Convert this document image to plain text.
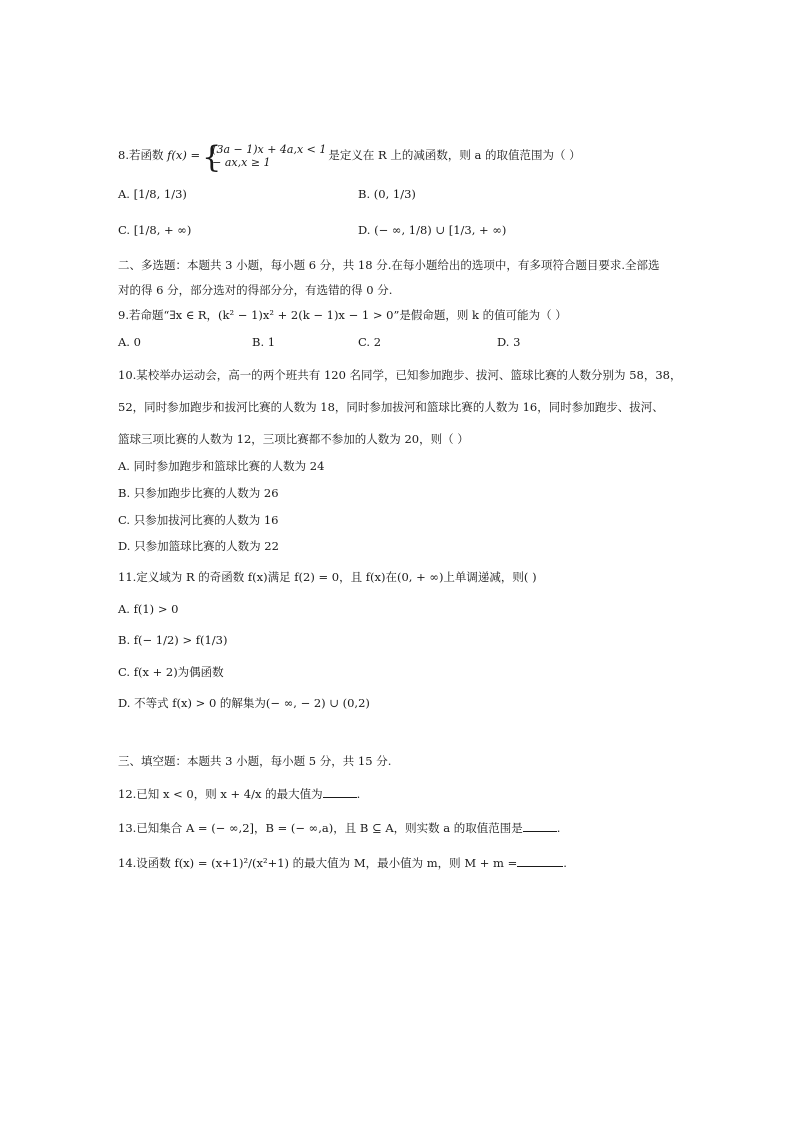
8.若函数 f(x) = {
(3a − 1)x + 4a,x < 1
− ax,x ≥ 1
是定义在 R 上的减函数，则 a 的取值范围为（ ）
A. [1/8, 1/3)	B. (0, 1/3)
C. [1/8, + ∞)	D. (− ∞, 1/8) ∪ [1/3, + ∞)
二、多选题：本题共 3 小题，每小题 6 分，共 18 分.在每小题给出的选项中，有多项符合题目要求.全部选
对的得 6 分，部分选对的得部分分，有选错的得 0 分.
9.若命题“∃x ∈ R，(k² − 1)x² + 2(k − 1)x − 1 > 0”是假命题，则 k 的值可能为（ ）
A. 0	B. 1	C. 2	D. 3
10.某校举办运动会，高一的两个班共有 120 名同学，已知参加跑步、拔河、篮球比赛的人数分别为 58，38，
52，同时参加跑步和拔河比赛的人数为 18，同时参加拔河和篮球比赛的人数为 16，同时参加跑步、拔河、
篮球三项比赛的人数为 12，三项比赛都不参加的人数为 20，则（ ）
A. 同时参加跑步和篮球比赛的人数为 24
B. 只参加跑步比赛的人数为 26
C. 只参加拔河比赛的人数为 16
D. 只参加篮球比赛的人数为 22
11.定义域为 R 的奇函数 f(x)满足 f(2) = 0，且 f(x)在(0, + ∞)上单调递减，则( )
A. f(1) > 0
B. f(− 1/2) > f(1/3)
C. f(x + 2)为偶函数
D. 不等式 f(x) > 0 的解集为(− ∞, − 2) ∪ (0,2)
三、填空题：本题共 3 小题，每小题 5 分，共 15 分.
12.已知 x < 0，则 x + 4/x 的最大值为	.
13.已知集合 A = (− ∞,2]，B = (− ∞,a)，且 B ⊆ A，则实数 a 的取值范围是	.
14.设函数 f(x) = (x+1)²/(x²+1) 的最大值为 M，最小值为 m，则 M + m =	.
